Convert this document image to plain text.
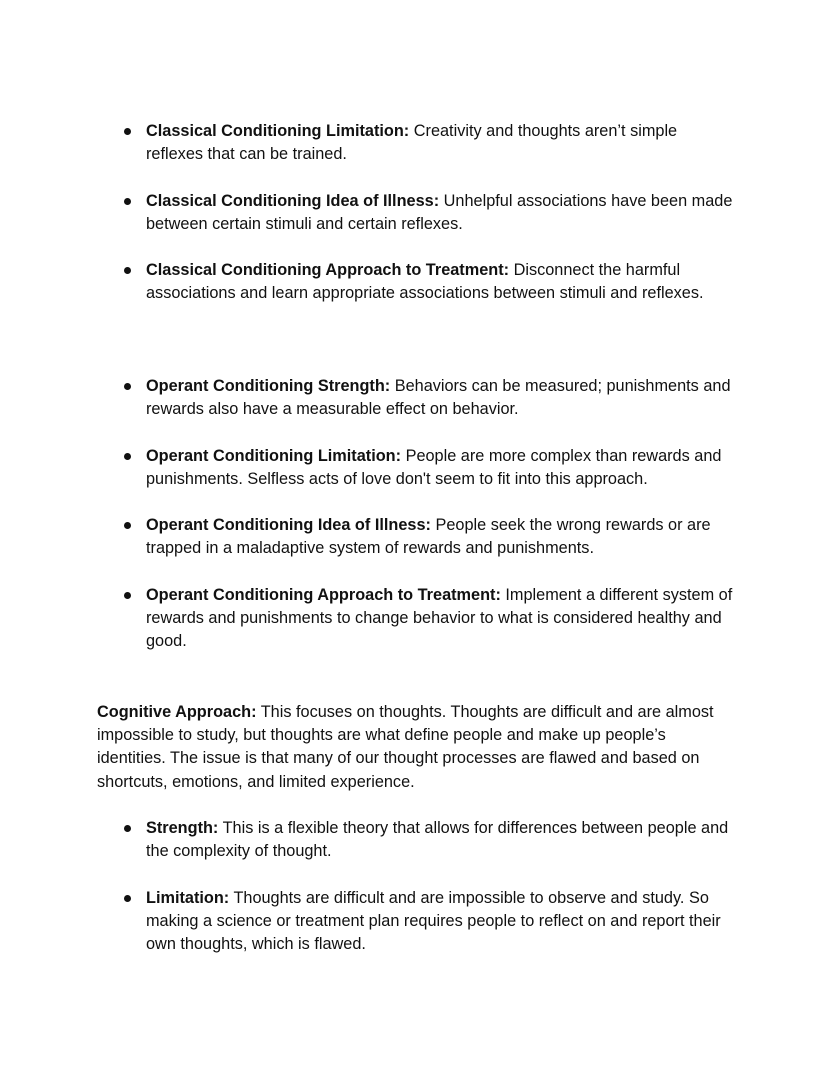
Classical Conditioning Limitation: Creativity and thoughts aren’t simple reflexes that can be trained.
Classical Conditioning Idea of Illness: Unhelpful associations have been made between certain stimuli and certain reflexes.
Classical Conditioning Approach to Treatment: Disconnect the harmful associations and learn appropriate associations between stimuli and reflexes.
Operant Conditioning Strength: Behaviors can be measured; punishments and rewards also have a measurable effect on behavior.
Operant Conditioning Limitation: People are more complex than rewards and punishments. Selfless acts of love don't seem to fit into this approach.
Operant Conditioning Idea of Illness: People seek the wrong rewards or are trapped in a maladaptive system of rewards and punishments.
Operant Conditioning Approach to Treatment: Implement a different system of rewards and punishments to change behavior to what is considered healthy and good.

Cognitive Approach: This focuses on thoughts. Thoughts are difficult and are almost impossible to study, but thoughts are what define people and make up people’s identities. The issue is that many of our thought processes are flawed and based on shortcuts, emotions, and limited experience.

Strength: This is a flexible theory that allows for differences between people and the complexity of thought.
Limitation: Thoughts are difficult and are impossible to observe and study. So making a science or treatment plan requires people to reflect on and report their own thoughts, which is flawed.
